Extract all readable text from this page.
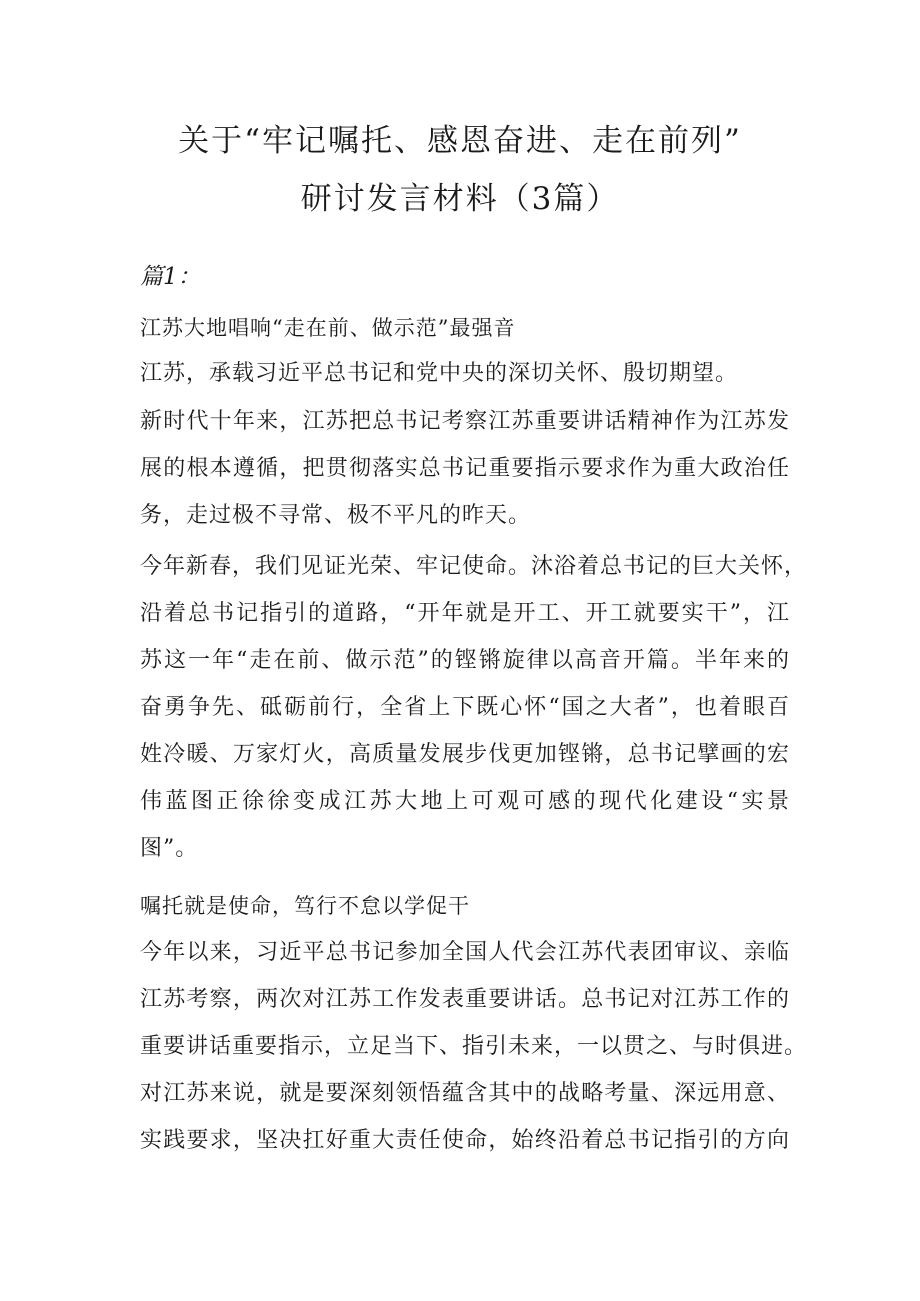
关于“牢记嘱托、感恩奋进、走在前列”
研讨发言材料（3篇）
篇1：
江苏大地唱响“走在前、做示范”最强音
江苏，承载习近平总书记和党中央的深切关怀、殷切期望。
新时代十年来，江苏把总书记考察江苏重要讲话精神作为江苏发
展的根本遵循，把贯彻落实总书记重要指示要求作为重大政治任
务，走过极不寻常、极不平凡的昨天。
今年新春，我们见证光荣、牢记使命。沐浴着总书记的巨大关怀，
沿着总书记指引的道路，“开年就是开工、开工就要实干”，江
苏这一年“走在前、做示范”的铿锵旋律以高音开篇。半年来的
奋勇争先、砥砺前行，全省上下既心怀“国之大者”，也着眼百
姓冷暖、万家灯火，高质量发展步伐更加铿锵，总书记擘画的宏
伟蓝图正徐徐变成江苏大地上可观可感的现代化建设“实景
图”。
嘱托就是使命，笃行不怠以学促干
今年以来，习近平总书记参加全国人代会江苏代表团审议、亲临
江苏考察，两次对江苏工作发表重要讲话。总书记对江苏工作的
重要讲话重要指示，立足当下、指引未来，一以贯之、与时俱进。
对江苏来说，就是要深刻领悟蕴含其中的战略考量、深远用意、
实践要求，坚决扛好重大责任使命，始终沿着总书记指引的方向
